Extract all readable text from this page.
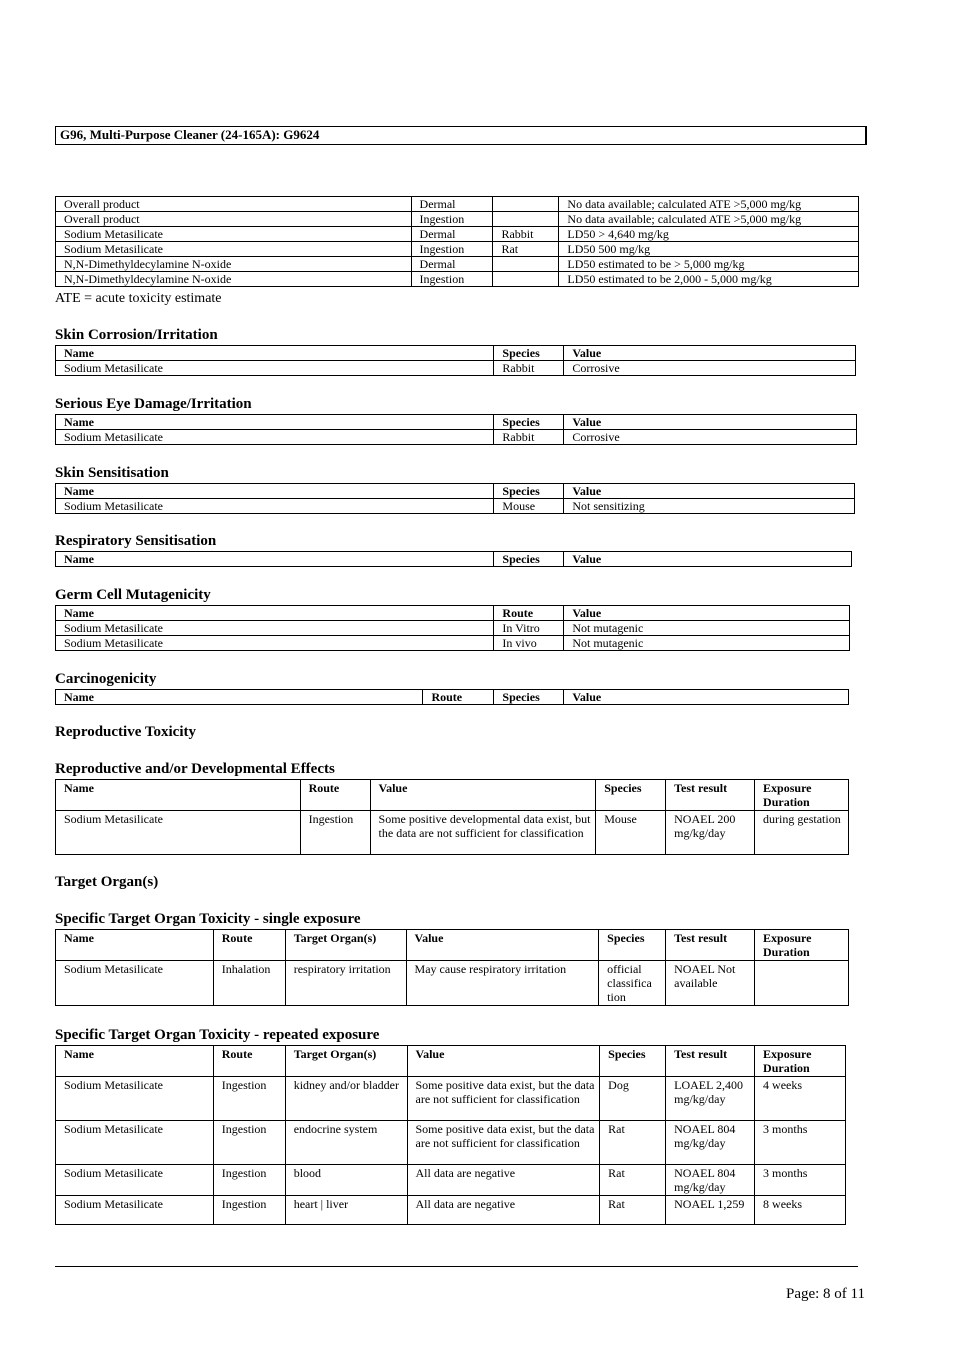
G96, Multi-Purpose Cleaner (24-165A): G9624
Overall product	Dermal		No data available; calculated ATE >5,000 mg/kg
Overall product	Ingestion		No data available; calculated ATE >5,000 mg/kg
Sodium Metasilicate	Dermal	Rabbit	LD50 > 4,640 mg/kg
Sodium Metasilicate	Ingestion	Rat	LD50 500 mg/kg
N,N-Dimethyldecylamine N-oxide	Dermal		LD50 estimated to be > 5,000 mg/kg
N,N-Dimethyldecylamine N-oxide	Ingestion		LD50 estimated to be 2,000 - 5,000 mg/kg
ATE = acute toxicity estimate
Skin Corrosion/Irritation
Name	Species	Value
Sodium Metasilicate	Rabbit	Corrosive
Serious Eye Damage/Irritation
Name	Species	Value
Sodium Metasilicate	Rabbit	Corrosive
Skin Sensitisation
Name	Species	Value
Sodium Metasilicate	Mouse	Not sensitizing
Respiratory Sensitisation
Name	Species	Value
Germ Cell Mutagenicity
Name	Route	Value
Sodium Metasilicate	In Vitro	Not mutagenic
Sodium Metasilicate	In vivo	Not mutagenic
Carcinogenicity
Name	Route	Species	Value
Reproductive Toxicity
Reproductive and/or Developmental Effects
Name	Route	Value	Species	Test result	Exposure Duration
Sodium Metasilicate	Ingestion	Some positive developmental data exist, but the data are not sufficient for classification	Mouse	NOAEL 200 mg/kg/day	during gestation
Target Organ(s)
Specific Target Organ Toxicity - single exposure
Name	Route	Target Organ(s)	Value	Species	Test result	Exposure Duration
Sodium Metasilicate	Inhalation	respiratory irritation	May cause respiratory irritation	official classifica tion	NOAEL Not available	
Specific Target Organ Toxicity - repeated exposure
Name	Route	Target Organ(s)	Value	Species	Test result	Exposure Duration
Sodium Metasilicate	Ingestion	kidney and/or bladder	Some positive data exist, but the data are not sufficient for classification	Dog	LOAEL 2,400 mg/kg/day	4 weeks
Sodium Metasilicate	Ingestion	endocrine system	Some positive data exist, but the data are not sufficient for classification	Rat	NOAEL 804 mg/kg/day	3 months
Sodium Metasilicate	Ingestion	blood	All data are negative	Rat	NOAEL 804 mg/kg/day	3 months
Sodium Metasilicate	Ingestion	heart | liver	All data are negative	Rat	NOAEL 1,259	8 weeks
Page: 8 of 11
